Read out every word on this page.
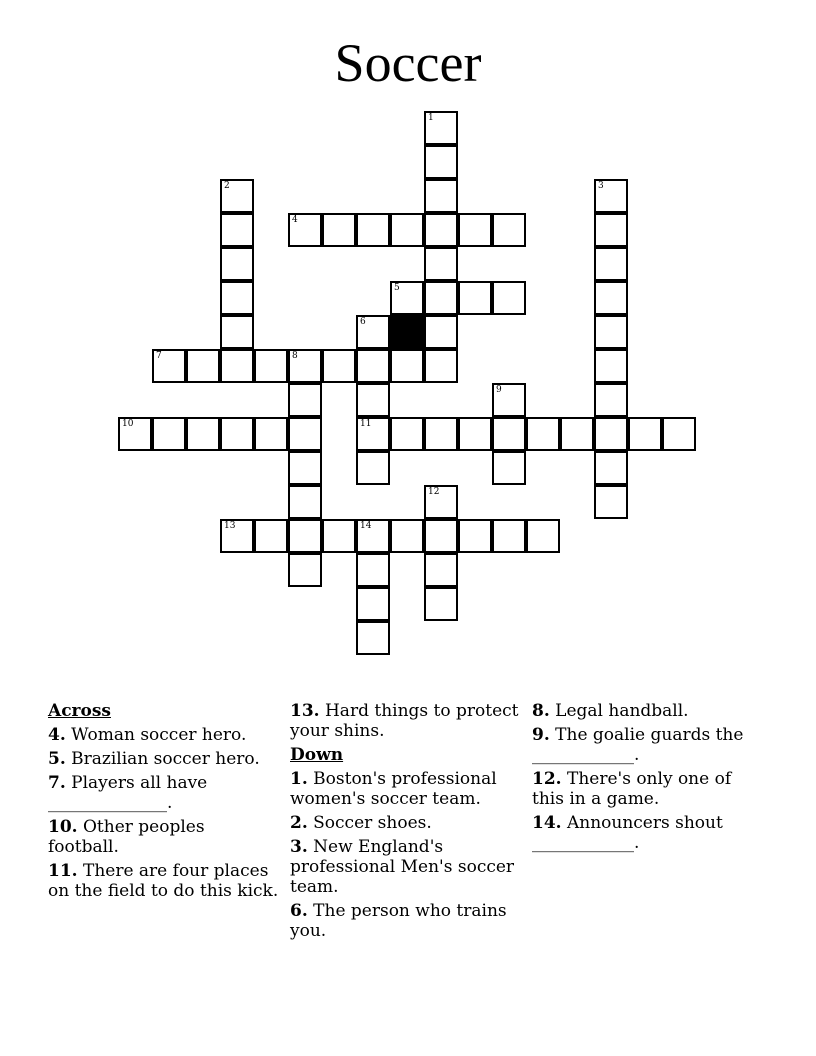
Soccer
1
2	3
4
5
6
11
7	8
9
10
12
13	14
Across
4. Woman soccer hero.
5. Brazilian soccer hero.
7. Players all have ______________.
10. Other peoples football.
11. There are four places on the field to do this kick.
13. Hard things to protect your shins.
Down
1. Boston's professional women's soccer team.
2. Soccer shoes.
3. New England's professional Men's soccer team.
6. The person who trains you.
8. Legal handball.
9. The goalie guards the ____________.
12. There's only one of this in a game.
14. Announcers shout ____________.
